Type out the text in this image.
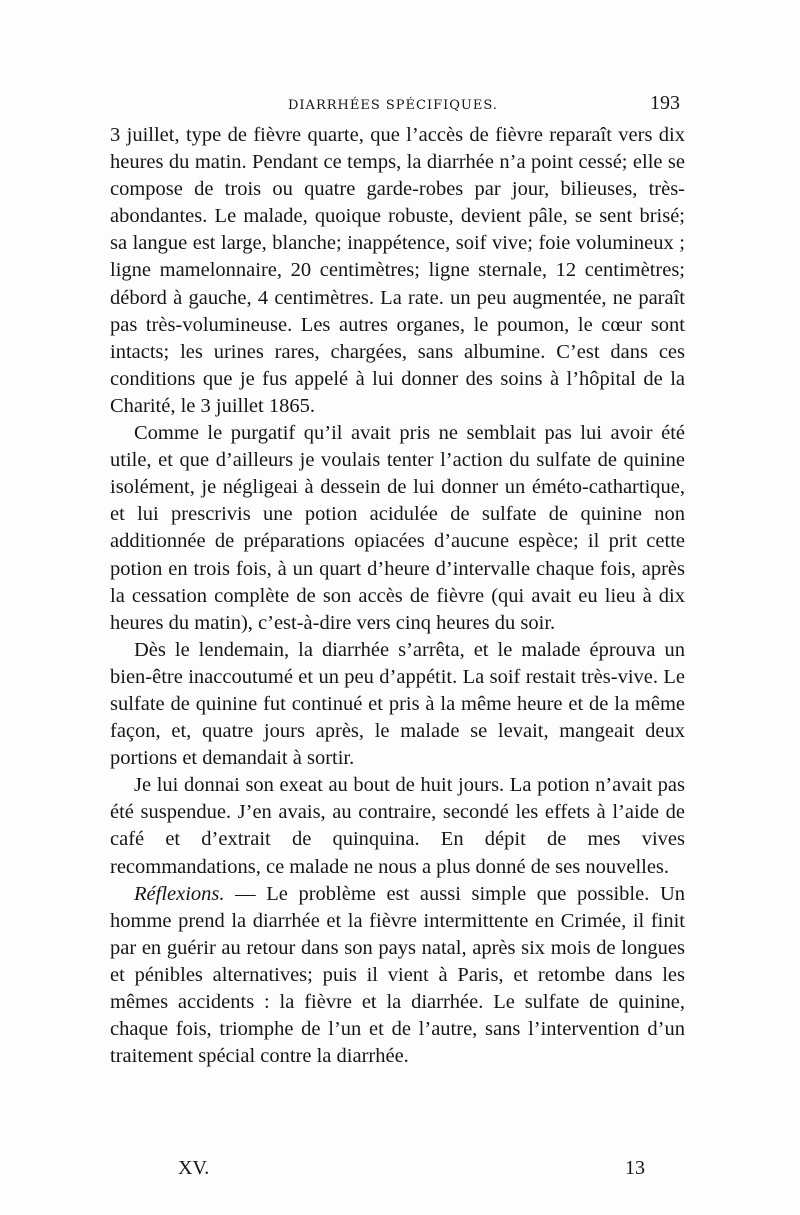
DIARRHÉES SPÉCIFIQUES.	193

3 juillet, type de fièvre quarte, que l’accès de fièvre reparaît vers dix heures du matin. Pendant ce temps, la diarrhée n’a point cessé; elle se compose de trois ou quatre garde-robes par jour, bilieuses, très-abondantes. Le malade, quoique robuste, devient pâle, se sent brisé; sa langue est large, blanche; inappétence, soif vive; foie volumineux ; ligne mamelonnaire, 20 centimètres; ligne sternale, 12 centimètres; débord à gauche, 4 centimètres. La rate. un peu augmentée, ne paraît pas très-volumineuse. Les autres organes, le poumon, le cœur sont intacts; les urines rares, chargées, sans albumine. C’est dans ces conditions que je fus appelé à lui donner des soins à l’hôpital de la Charité, le 3 juillet 1865.

Comme le purgatif qu’il avait pris ne semblait pas lui avoir été utile, et que d’ailleurs je voulais tenter l’action du sulfate de quinine isolément, je négligeai à dessein de lui donner un éméto-cathartique, et lui prescrivis une potion acidulée de sulfate de quinine non additionnée de préparations opiacées d’aucune espèce; il prit cette potion en trois fois, à un quart d’heure d’intervalle chaque fois, après la cessation complète de son accès de fièvre (qui avait eu lieu à dix heures du matin), c’est-à-dire vers cinq heures du soir.

Dès le lendemain, la diarrhée s’arrêta, et le malade éprouva un bien-être inaccoutumé et un peu d’appétit. La soif restait très-vive. Le sulfate de quinine fut continué et pris à la même heure et de la même façon, et, quatre jours après, le malade se levait, mangeait deux portions et demandait à sortir.

Je lui donnai son exeat au bout de huit jours. La potion n’avait pas été suspendue. J’en avais, au contraire, secondé les effets à l’aide de café et d’extrait de quinquina. En dépit de mes vives recommandations, ce malade ne nous a plus donné de ses nouvelles.

Réflexions. — Le problème est aussi simple que possible. Un homme prend la diarrhée et la fièvre intermittente en Crimée, il finit par en guérir au retour dans son pays natal, après six mois de longues et pénibles alternatives; puis il vient à Paris, et retombe dans les mêmes accidents : la fièvre et la diarrhée. Le sulfate de quinine, chaque fois, triomphe de l’un et de l’autre, sans l’intervention d’un traitement spécial contre la diarrhée.

XV.	13
